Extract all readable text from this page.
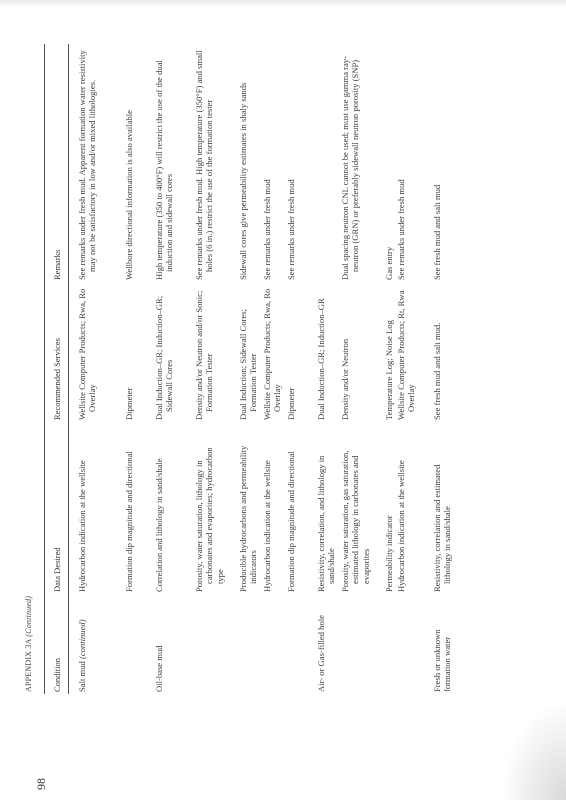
98
APPENDIX 3A (Continued)
Condition
Data Desired
Recommended Services
Remarks
Salt mud (continued)
Hydrocarbon indication at the wellsite
Wellsite Computer Products; Rwa, Ro Overlay
See remarks under fresh mud. Apparent formation water resistivity may not be satisfactory in low and/or mixed lithologies.
Formation dip magnitude and directional
Dipmeter
Wellbore directional information is also available
Oil-base mud
Correlation and lithology in sand/shale
Dual Induction–GR; Induction–GR; Sidewall Cores
High temperature (350 to 400°F) will restrict the use of the dual induction and sidewall cores
Porosity, water saturation, lithology in carbonates and evaporites; hydrocarbon type
Density and/or Neutron and/or Sonic; Formation Tester
See remarks under fresh mud. High temperature (350°F) and small holes (6 in.) restrict the use of the formation tester
Producible hydrocarbons and permeability indicators
Dual Induction; Sidewall Cores; Formation Tester
Sidewall cores give permeability estimates in shaly sands
Hydrocarbon indication at the wellsite
Wellsite Computer Products; Rwa, Ro Overlay
See remarks under fresh mud
Formation dip magnitude and directional
Dipmeter
See remarks under fresh mud
Air- or Gas-filled hole
Resistivity, correlation, and lithology in sand/shale
Dual Induction–GR; Induction–GR
Porosity, water saturation, gas saturation, estimated lithology in carbonates and evaporites
Density and/or Neutron
Dual spacing neutron CNL cannot be used; must use gamma ray-neutron (GRN) or preferably sidewall neutron porosity (SNP)
Permeability indicator
Temperature Log; Noise Log
Gas entry
Hydrocarbon indication at the wellsite
Wellsite Computer Products; Rt, Rwa Overlay
See remarks under fresh mud
Fresh or unknown formation water
Resistivity, correlation and estimated lithology in sand/shale
See fresh mud and salt mud.
See fresh mud and salt mud
